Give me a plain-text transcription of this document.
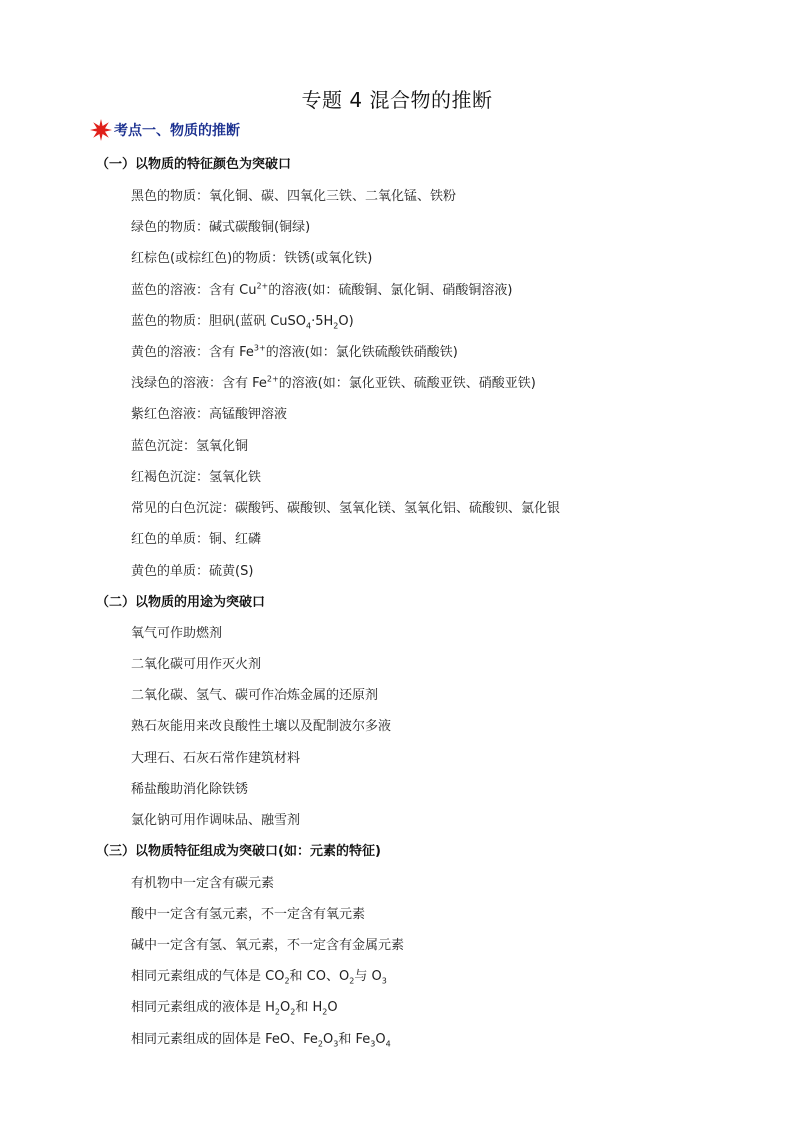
专题 4 混合物的推断
考点一、物质的推断
（一）以物质的特征颜色为突破口
黑色的物质：氧化铜、碳、四氧化三铁、二氧化锰、铁粉
绿色的物质：碱式碳酸铜(铜绿)
红棕色(或棕红色)的物质：铁锈(或氧化铁)
蓝色的溶液：含有 $Cu^{2+}$的溶液(如：硫酸铜、氯化铜、硝酸铜溶液)
蓝色的物质：胆矾(蓝矾 $CuSO_4\cdot 5H_2O$)
黄色的溶液：含有 $Fe^{3+}$的溶液(如：氯化铁硫酸铁硝酸铁)
浅绿色的溶液：含有 $Fe^{2+}$的溶液(如：氯化亚铁、硫酸亚铁、硝酸亚铁)
紫红色溶液：高锰酸钾溶液
蓝色沉淀：氢氧化铜
红褐色沉淀：氢氧化铁
常见的白色沉淀：碳酸钙、碳酸钡、氢氧化镁、氢氧化铝、硫酸钡、氯化银
红色的单质：铜、红磷
黄色的单质：硫黄(S)
（二）以物质的用途为突破口
氧气可作助燃剂
二氧化碳可用作灭火剂
二氧化碳、氢气、碳可作冶炼金属的还原剂
熟石灰能用来改良酸性土壤以及配制波尔多液
大理石、石灰石常作建筑材料
稀盐酸助消化除铁锈
氯化钠可用作调味品、融雪剂
（三）以物质特征组成为突破口(如：元素的特征)
有机物中一定含有碳元素
酸中一定含有氢元素，不一定含有氧元素
碱中一定含有氢、氧元素，不一定含有金属元素
相同元素组成的气体是 $CO_2$和 CO、$O_2$与 $O_3$
相同元素组成的液体是 $H_2O_2$和 $H_2O$
相同元素组成的固体是 FeO、$Fe_2O_3$和 $Fe_3O_4$
